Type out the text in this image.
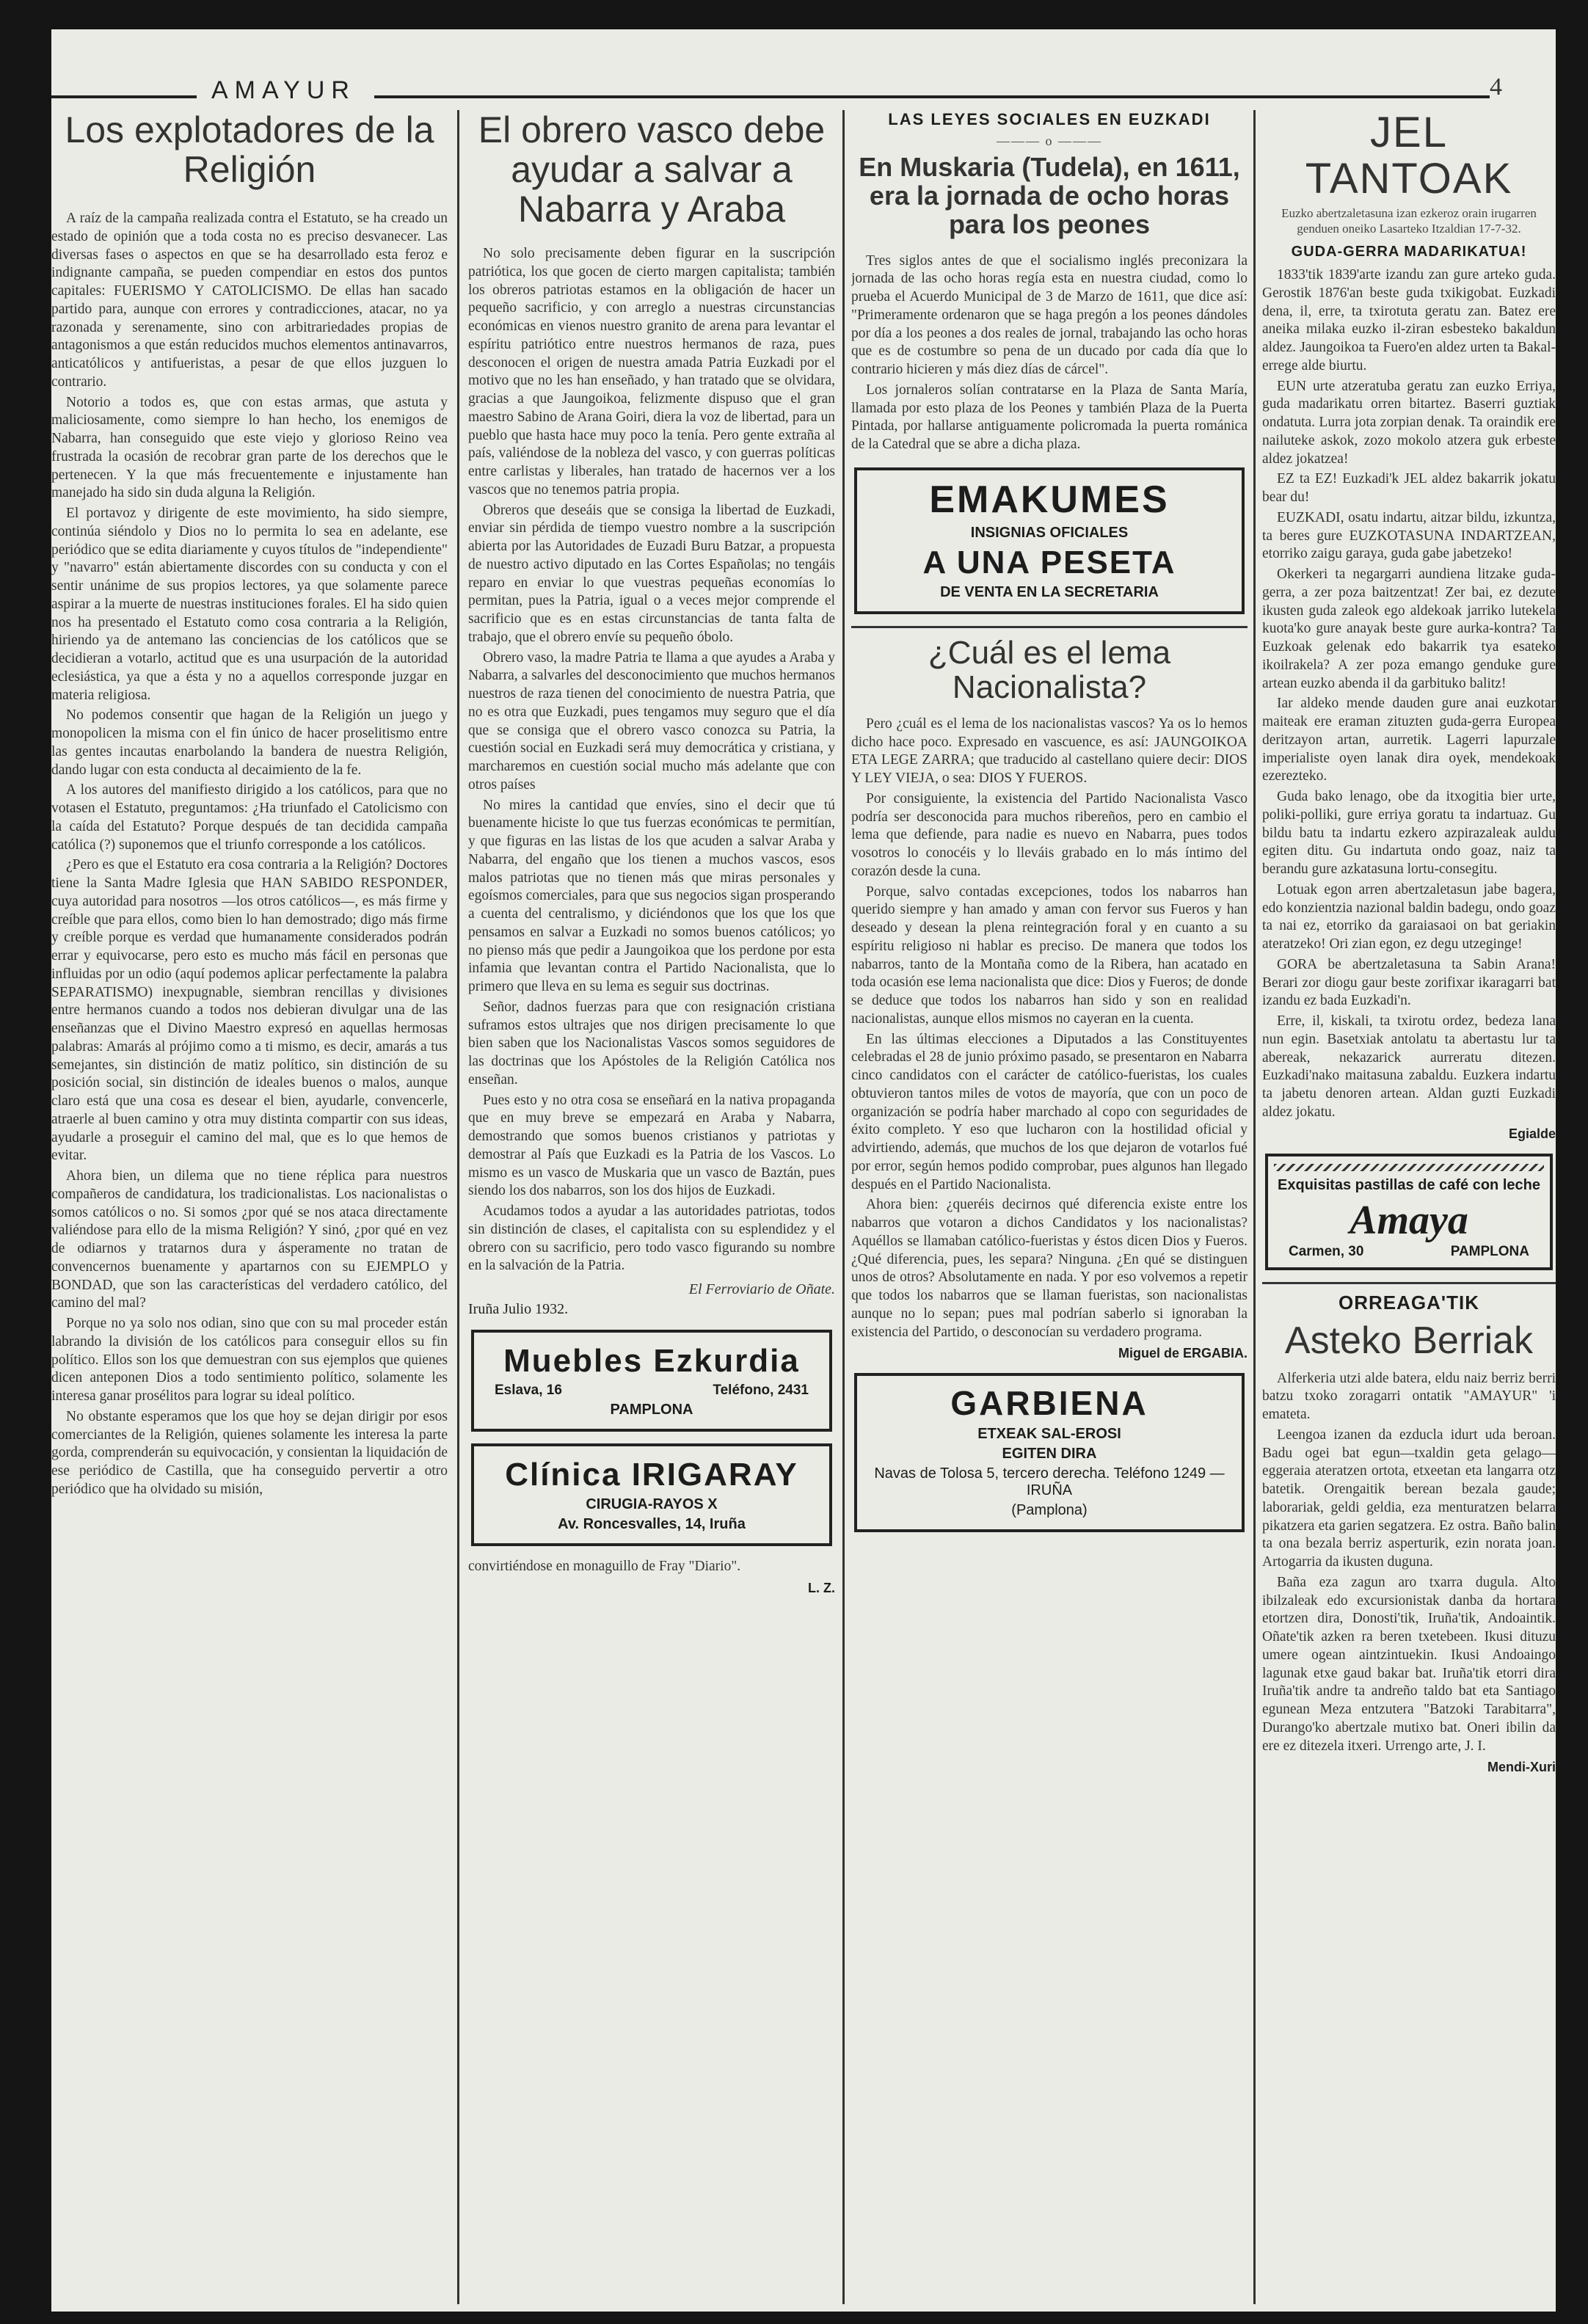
AMAYUR	4
Los explotadores de la Religión

A raíz de la campaña realizada contra el Estatuto, se ha creado un estado de opinión que a toda costa no es preciso desvanecer. Las diversas fases o aspectos en que se ha desarrollado esta feroz e indignante campaña, se pueden compendiar en estos dos puntos capitales: FUERISMO Y CATOLICISMO. De ellas han sacado partido para, aunque con errores y contradicciones, atacar, no ya razonada y serenamente, sino con arbitrariedades propias de antagonismos a que están reducidos muchos elementos antinavarros, anticatólicos y antifueristas, a pesar de que ellos juzguen lo contrario.

Notorio a todos es, que con estas armas, que astuta y maliciosamente, como siempre lo han hecho, los enemigos de Nabarra, han conseguido que este viejo y glorioso Reino vea frustrada la ocasión de recobrar gran parte de los derechos que le pertenecen. Y la que más frecuentemente e injustamente han manejado ha sido sin duda alguna la Religión.

El portavoz y dirigente de este movimiento, ha sido siempre, continúa siéndolo y Dios no lo permita lo sea en adelante, ese periódico que se edita diariamente y cuyos títulos de "independiente" y "navarro" están abiertamente discordes con su conducta y con el sentir unánime de sus propios lectores, ya que solamente parece aspirar a la muerte de nuestras instituciones forales. El ha sido quien nos ha presentado el Estatuto como cosa contraria a la Religión, hiriendo ya de antemano las conciencias de los católicos que se decidieran a votarlo, actitud que es una usurpación de la autoridad eclesiástica, ya que a ésta y no a aquellos corresponde juzgar en materia religiosa.

No podemos consentir que hagan de la Religión un juego y monopolicen la misma con el fin único de hacer proselitismo entre las gentes incautas enarbolando la bandera de nuestra Religión, dando lugar con esta conducta al decaimiento de la fe.

A los autores del manifiesto dirigido a los católicos, para que no votasen el Estatuto, preguntamos: ¿Ha triunfado el Catolicismo con la caída del Estatuto? Porque después de tan decidida campaña católica (?) suponemos que el triunfo corresponde a los católicos.

¿Pero es que el Estatuto era cosa contraria a la Religión? Doctores tiene la Santa Madre Iglesia que HAN SABIDO RESPONDER, cuya autoridad para nosotros —los otros católicos—, es más firme y creíble que para ellos, como bien lo han demostrado; digo más firme y creíble porque es verdad que humanamente considerados podrán errar y equivocarse, pero esto es mucho más fácil en personas que influidas por un odio (aquí podemos aplicar perfectamente la palabra SEPARATISMO) inexpugnable, siembran rencillas y divisiones entre hermanos cuando a todos nos debieran divulgar una de las enseñanzas que el Divino Maestro expresó en aquellas hermosas palabras: Amarás al prójimo como a ti mismo, es decir, amarás a tus semejantes, sin distinción de matiz político, sin distinción de su posición social, sin distinción de ideales buenos o malos, aunque claro está que una cosa es desear el bien, ayudarle, convencerle, atraerle al buen camino y otra muy distinta compartir con sus ideas, ayudarle a proseguir el camino del mal, que es lo que hemos de evitar.

Ahora bien, un dilema que no tiene réplica para nuestros compañeros de candidatura, los tradicionalistas. Los nacionalistas o somos católicos o no. Si somos ¿por qué se nos ataca directamente valiéndose para ello de la misma Religión? Y sinó, ¿por qué en vez de odiarnos y tratarnos dura y ásperamente no tratan de convencernos buenamente y apartarnos con su EJEMPLO y BONDAD, que son las características del verdadero católico, del camino del mal?

Porque no ya solo nos odian, sino que con su mal proceder están labrando la división de los católicos para conseguir ellos su fin político. Ellos son los que demuestran con sus ejemplos que quienes dicen anteponen Dios a todo sentimiento político, solamente les interesa ganar prosélitos para lograr su ideal político.

No obstante esperamos que los que hoy se dejan dirigir por esos comerciantes de la Religión, quienes solamente les interesa la parte gorda, comprenderán su equivocación, y consientan la liquidación de ese periódico de Castilla, que ha conseguido pervertir a otro periódico que ha olvidado su misión,

El obrero vasco debe ayudar a salvar a Nabarra y Araba

No solo precisamente deben figurar en la suscripción patriótica, los que gocen de cierto margen capitalista; también los obreros patriotas estamos en la obligación de hacer un pequeño sacrificio, y con arreglo a nuestras circunstancias económicas en vienos nuestro granito de arena para levantar el espíritu patriótico entre nuestros hermanos de raza, pues desconocen el origen de nuestra amada Patria Euzkadi por el motivo que no les han enseñado, y han tratado que se olvidara, gracias a que Jaungoikoa, felizmente dispuso que el gran maestro Sabino de Arana Goiri, diera la voz de libertad, para un pueblo que hasta hace muy poco la tenía. Pero gente extraña al país, valiéndose de la nobleza del vasco, y con guerras políticas entre carlistas y liberales, han tratado de hacernos ver a los vascos que no tenemos patria propia.

Obreros que deseáis que se consiga la libertad de Euzkadi, enviar sin pérdida de tiempo vuestro nombre a la suscripción abierta por las Autoridades de Euzadi Buru Batzar, a propuesta de nuestro activo diputado en las Cortes Españolas; no tengáis reparo en enviar lo que vuestras pequeñas economías lo permitan, pues la Patria, igual o a veces mejor comprende el sacrificio que es en estas circunstancias de tanta falta de trabajo, que el obrero envíe su pequeño óbolo.

Obrero vaso, la madre Patria te llama a que ayudes a Araba y Nabarra, a salvarles del desconocimiento que muchos hermanos nuestros de raza tienen del conocimiento de nuestra Patria, que no es otra que Euzkadi, pues tengamos muy seguro que el día que se consiga que el obrero vasco conozca su Patria, la cuestión social en Euzkadi será muy democrática y cristiana, y marcharemos en cuestión social mucho más adelante que con otros países

No mires la cantidad que envíes, sino el decir que tú buenamente hiciste lo que tus fuerzas económicas te permitían, y que figuras en las listas de los que acuden a salvar Araba y Nabarra, del engaño que los tienen a muchos vascos, esos malos patriotas que no tienen más que miras personales y egoísmos comerciales, para que sus negocios sigan prosperando a cuenta del centralismo, y diciéndonos que los que los que pensamos en salvar a Euzkadi no somos buenos católicos; yo no pienso más que pedir a Jaungoikoa que los perdone por esta infamia que levantan contra el Partido Nacionalista, que lo primero que lleva en su lema es seguir sus doctrinas.

Señor, dadnos fuerzas para que con resignación cristiana suframos estos ultrajes que nos dirigen precisamente lo que bien saben que los Nacionalistas Vascos somos seguidores de las doctrinas que los Apóstoles de la Religión Católica nos enseñan.

Pues esto y no otra cosa se enseñará en la nativa propaganda que en muy breve se empezará en Araba y Nabarra, demostrando que somos buenos cristianos y patriotas y demostrar al País que Euzkadi es la Patria de los Vascos. Lo mismo es un vasco de Muskaria que un vasco de Baztán, pues siendo los dos nabarros, son los dos hijos de Euzkadi.

Acudamos todos a ayudar a las autoridades patriotas, todos sin distinción de clases, el capitalista con su esplendidez y el obrero con su sacrificio, pero todo vasco figurando su nombre en la salvación de la Patria.

El Ferroviario de Oñate.
Iruña Julio 1932.
Muebles Ezkurdia
Eslava, 16	Teléfono, 2431
PAMPLONA
Clínica IRIGARAY
CIRUGIA-RAYOS X
Av. Roncesvalles, 14, Iruña

convirtiéndose en monaguillo de Fray "Diario".

L. Z.
LAS LEYES SOCIALES EN EUZKADI
——— o ———
En Muskaria (Tudela), en 1611, era la jornada de ocho horas para los peones

Tres siglos antes de que el socialismo inglés preconizara la jornada de las ocho horas regía esta en nuestra ciudad, como lo prueba el Acuerdo Municipal de 3 de Marzo de 1611, que dice así: "Primeramente ordenaron que se haga pregón a los peones dándoles por día a los peones a dos reales de jornal, trabajando las ocho horas que es de costumbre so pena de un ducado por cada día que lo contrario hicieren y más diez días de cárcel".

Los jornaleros solían contratarse en la Plaza de Santa María, llamada por esto plaza de los Peones y también Plaza de la Puerta Pintada, por hallarse antiguamente policromada la puerta románica de la Catedral que se abre a dicha plaza.

EMAKUMES
INSIGNIAS OFICIALES
A UNA PESETA
DE VENTA EN LA SECRETARIA
¿Cuál es el lema Nacionalista?

Pero ¿cuál es el lema de los nacionalistas vascos? Ya os lo hemos dicho hace poco. Expresado en vascuence, es así: JAUNGOIKOA ETA LEGE ZARRA; que traducido al castellano quiere decir: DIOS Y LEY VIEJA, o sea: DIOS Y FUEROS.

Por consiguiente, la existencia del Partido Nacionalista Vasco podría ser desconocida para muchos ribereños, pero en cambio el lema que defiende, para nadie es nuevo en Nabarra, pues todos vosotros lo conocéis y lo lleváis grabado en lo más íntimo del corazón desde la cuna.

Porque, salvo contadas excepciones, todos los nabarros han querido siempre y han amado y aman con fervor sus Fueros y han deseado y desean la plena reintegración foral y en cuanto a su espíritu religioso ni hablar es preciso. De manera que todos los nabarros, tanto de la Montaña como de la Ribera, han acatado en toda ocasión ese lema nacionalista que dice: Dios y Fueros; de donde se deduce que todos los nabarros han sido y son en realidad nacionalistas, aunque ellos mismos no cayeran en la cuenta.

En las últimas elecciones a Diputados a las Constituyentes celebradas el 28 de junio próximo pasado, se presentaron en Nabarra cinco candidatos con el carácter de católico-fueristas, los cuales obtuvieron tantos miles de votos de mayoría, que con un poco de organización se podría haber marchado al copo con seguridades de éxito completo. Y eso que lucharon con la hostilidad oficial y advirtiendo, además, que muchos de los que dejaron de votarlos fué por error, según hemos podido comprobar, pues algunos han llegado después en el Partido Nacionalista.

Ahora bien: ¿queréis decirnos qué diferencia existe entre los nabarros que votaron a dichos Candidatos y los nacionalistas? Aquéllos se llamaban católico-fueristas y éstos dicen Dios y Fueros. ¿Qué diferencia, pues, les separa? Ninguna. ¿En qué se distinguen unos de otros? Absolutamente en nada. Y por eso volvemos a repetir que todos los nabarros que se llaman fueristas, son nacionalistas aunque no lo sepan; pues mal podrían saberlo si ignoraban la existencia del Partido, o desconocían su verdadero programa.

Miguel de ERGABIA.
GARBIENA
ETXEAK SAL-EROSI
EGITEN DIRA
Navas de Tolosa 5, tercero derecha. Teléfono 1249 — IRUÑA
(Pamplona)
JEL TANTOAK
Euzko abertzaletasuna izan ezkeroz orain irugarren genduen oneiko Lasarteko Itzaldian 17-7-32.
GUDA-GERRA MADARIKATUA!

1833'tik 1839'arte izandu zan gure arteko guda. Gerostik 1876'an beste guda txikigobat. Euzkadi dena, il, erre, ta txirotuta geratu zan. Batez ere aneika milaka euzko il-ziran esbesteko bakaldun aldez. Jaungoikoa ta Fuero'en aldez urten ta Bakal-errege alde biurtu.

EUN urte atzeratuba geratu zan euzko Erriya, guda madarikatu orren bitartez. Baserri guztiak ondatuta. Lurra jota zorpian denak. Ta oraindik ere nailuteke askok, zozo mokolo atzera guk erbeste aldez jokatzea!

EZ ta EZ! Euzkadi'k JEL aldez bakarrik jokatu bear du!

EUZKADI, osatu indartu, aitzar bildu, izkuntza, ta beres gure EUZKOTASUNA INDARTZEAN, etorriko zaigu garaya, guda gabe jabetzeko!

Okerkeri ta negargarri aundiena litzake guda-gerra, a zer poza baitzentzat! Zer bai, ez dezute ikusten guda zaleok ego aldekoak jarriko lutekela kuota'ko gure anayak beste gure aurka-kontra? Ta Euzkoak gelenak edo bakarrik tya esateko ikoilrakela? A zer poza emango genduke gure artean euzko abenda il da garbituko balitz!

Iar aldeko mende dauden gure anai euzkotar maiteak ere eraman zituzten guda-gerra Europea deritzayon artan, aurretik. Lagerri lapurzale imperialiste oyen lanak dira oyek, mendekoak ezerezteko.

Guda bako lenago, obe da itxogitia bier urte, poliki-polliki, gure erriya goratu ta indartuaz. Gu bildu batu ta indartu ezkero azpirazaleak auldu egiten ditu. Gu indartuta ondo goaz, naiz ta berandu gure azkatasuna lortu-consegitu.

Lotuak egon arren abertzaletasun jabe bagera, edo konzientzia nazional baldin badegu, ondo goaz ta nai ez, etorriko da garaiasaoi on bat geriakin ateratzeko! Ori zian egon, ez degu utzeginge!

GORA be abertzaletasuna ta Sabin Arana! Berari zor diogu gaur beste zorifixar ikaragarri bat izandu ez bada Euzkadi'n.

Erre, il, kiskali, ta txirotu ordez, bedeza lana nun egin. Basetxiak antolatu ta abertastu lur ta abereak, nekazarick aurreratu ditezen. Euzkadi'nako maitasuna zabaldu. Euzkera indartu ta jabetu denoren artean. Aldan guzti Euzkadi aldez jokatu.

Egialde
Exquisitas pastillas de café con leche
Amaya
Carmen, 30	PAMPLONA
ORREAGA'TIK
Asteko Berriak

Alferkeria utzi alde batera, eldu naiz berriz berri batzu txoko zoragarri ontatik "AMAYUR" 'i emateta.

Leengoa izanen da ezducla idurt uda beroan. Badu ogei bat egun—txaldin geta gelago—eggeraia ateratzen ortota, etxeetan eta langarra otz batetik. Orengaitik berean bezala gaude; laborariak, geldi geldia, eza menturatzen belarra pikatzera eta garien segatzera. Ez ostra. Baño balin ta ona bezala berriz asperturik, ezin norata joan. Artogarria da ikusten duguna.

Baña eza zagun aro txarra dugula. Alto ibilzaleak edo excursionistak danba da hortara etortzen dira, Donosti'tik, Iruña'tik, Andoaintik. Oñate'tik azken ra beren txetebeen. Ikusi dituzu umere ogean aintzintuekin. Ikusi Andoaingo lagunak etxe gaud bakar bat. Iruña'tik etorri dira Iruña'tik andre ta andreño taldo bat eta Santiago egunean Meza entzutera "Batzoki Tarabitarra", Durango'ko abertzale mutixo bat. Oneri ibilin da ere ez ditezela itxeri. Urrengo arte, J. I.

Mendi-Xuri
